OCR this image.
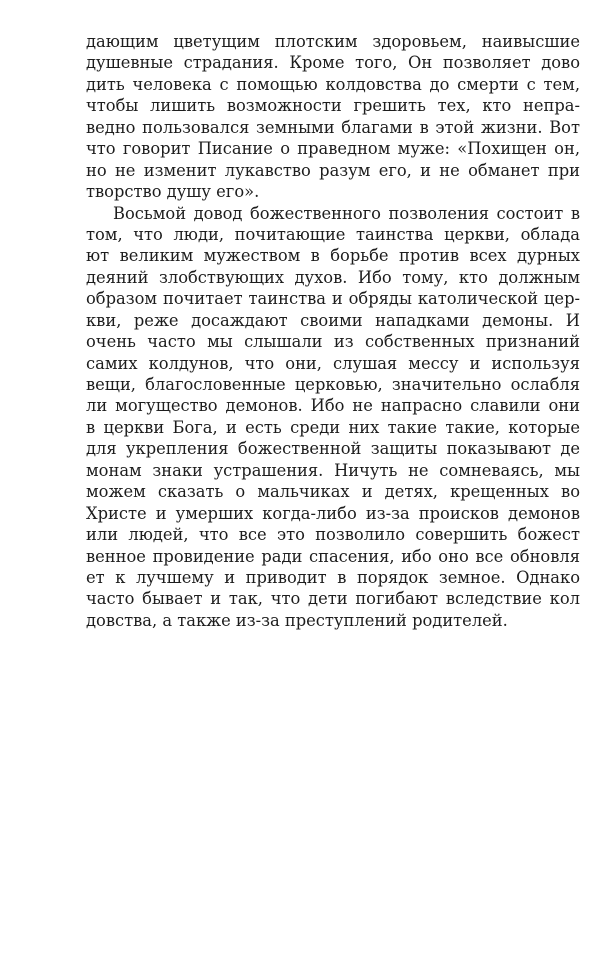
дающим цветущим плотским здоровьем, наивысшие
душевные страдания. Кроме того, Он позволяет дово
дить человека с помощью колдовства до смерти с тем,
чтобы лишить возможности грешить тех, кто непра-
ведно пользовался земными благами в этой жизни. Вот
что говорит Писание о праведном муже: «Похищен он,
но не изменит лукавство разум его, и не обманет при
творство душу его».
Восьмой довод божественного позволения состоит в
том, что люди, почитающие таинства церкви, облада
ют великим мужеством в борьбе против всех дурных
деяний злобствующих духов. Ибо тому, кто должным
образом почитает таинства и обряды католической цер-
кви, реже досаждают своими нападками демоны. И
очень часто мы слышали из собственных признаний
самих колдунов, что они, слушая мессу и используя
вещи, благословенные церковью, значительно ослабля
ли могущество демонов. Ибо не напрасно славили они
в церкви Бога, и есть среди них такие такие, которые
для укрепления божественной защиты показывают де
монам знаки устрашения. Ничуть не сомневаясь, мы
можем сказать о мальчиках и детях, крещенных во
Христе и умерших когда-либо из-за происков демонов
или людей, что все это позволило совершить божест
венное провидение ради спасения, ибо оно все обновля
ет к лучшему и приводит в порядок земное. Однако
часто бывает и так, что дети погибают вследствие кол
довства, а также из-за преступлений родителей.
